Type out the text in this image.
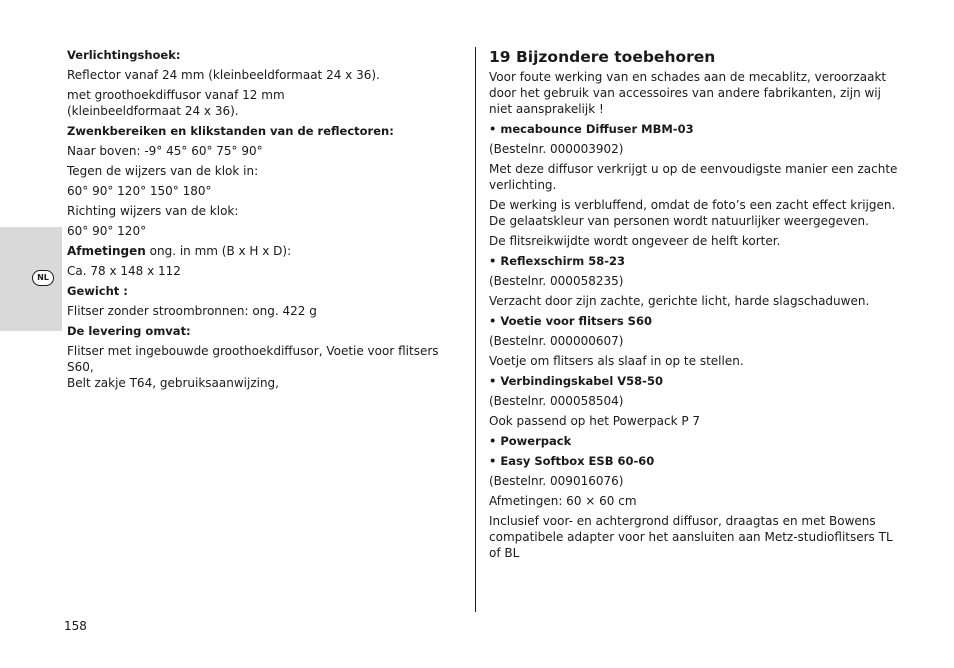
NL

Verlichtingshoek:

Reflector vanaf 24 mm (kleinbeeldformaat 24 x 36).

met groothoekdiffusor vanaf 12 mm
(kleinbeeldformaat 24 x 36).

Zwenkbereiken en klikstanden van de reflectoren:

Naar boven: -9° 45° 60° 75° 90°

Tegen de wijzers van de klok in:

60° 90° 120° 150° 180°

Richting wijzers van de klok:

60° 90° 120°

Afmetingen ong. in mm (B x H x D):

Ca. 78 x 148 x 112

Gewicht :

Flitser zonder stroombronnen: ong. 422 g

De levering omvat:

Flitser met ingebouwde groothoekdiffusor, Voetie voor flitsers S60,
Belt zakje T64, gebruiksaanwijzing,

19 Bijzondere toebehoren

Voor foute werking van en schades aan de mecablitz, veroorzaakt
door het gebruik van accessoires van andere fabrikanten, zijn wij
niet aansprakelijk !

• mecabounce Diffuser MBM-03

(Bestelnr. 000003902)

Met deze diffusor verkrijgt u op de eenvoudigste manier een zachte
verlichting.

De werking is verbluffend, omdat de foto’s een zacht effect krijgen.
De gelaatskleur van personen wordt natuurlijker weergegeven.

De flitsreikwijdte wordt ongeveer de helft korter.

• Reflexschirm 58-23

(Bestelnr. 000058235)

Verzacht door zijn zachte, gerichte licht, harde slagschaduwen.

• Voetie voor flitsers S60

(Bestelnr. 000000607)

Voetje om flitsers als slaaf in op te stellen.

• Verbindingskabel V58-50

(Bestelnr. 000058504)

Ook passend op het Powerpack P 7

• Powerpack

• Easy Softbox ESB 60-60

(Bestelnr. 009016076)

Afmetingen: 60 × 60 cm

Inclusief voor- en achtergrond diffusor, draagtas en met Bowens
compatibele adapter voor het aansluiten aan Metz-studioflitsers TL
of BL

158
